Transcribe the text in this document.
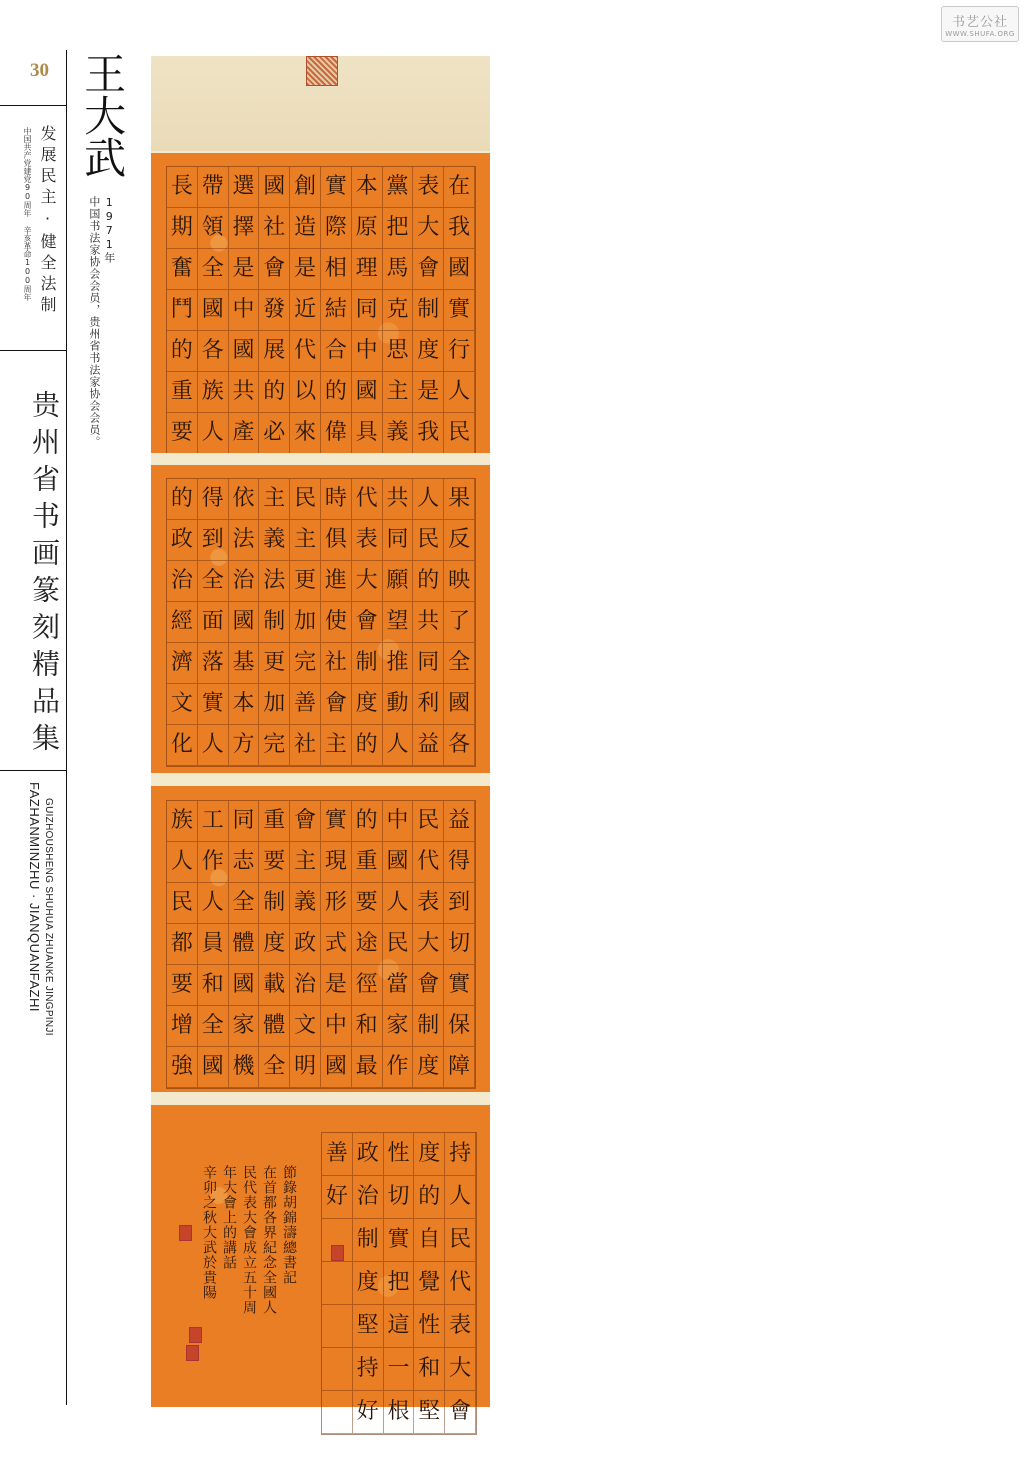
书艺公社
WWW.SHUFA.ORG
30
发展民主·健全法制
中国共产党建党90周年 辛亥革命100周年
贵州省书画篆刻精品集
FAZHANMINZHU · JIANQUANFAZHI GUIZHOUSHENG SHUHUA ZHUANKE JINGPINJI
王大武
1971年
中国书法家协会会员，贵州省书法家协会会员。
在
我
國
實
行
人
民
表
大
會
制
度
是
我
黨
把
馬
克
思
主
義
本
原
理
同
中
國
具
實
際
相
結
合
的
偉
創
造
是
近
代
以
來
國
社
會
發
展
的
必
選
擇
是
中
國
共
產
帶
領
全
國
各
族
人
長
期
奮
鬥
的
重
要
果
反
映
了
全
國
各
人
民
的
共
同
利
益
共
同
願
望
推
動
人
代
表
大
會
制
度
的
時
俱
進
使
社
會
主
民
主
更
加
完
善
社
主
義
法
制
更
加
完
依
法
治
國
基
本
方
得
到
全
面
落
實
人
的
政
治
經
濟
文
化
益
得
到
切
實
保
障
民
代
表
大
會
制
度
中
國
人
民
當
家
作
的
重
要
途
徑
和
最
實
現
形
式
是
中
國
會
主
義
政
治
文
明
重
要
制
度
載
體
全
同
志
全
體
國
家
機
工
作
人
員
和
全
國
族
人
民
都
要
增
強
持
人
民
代
表
大
會
度
的
自
覺
性
和
堅
性
切
實
把
這
一
根
政
治
制
度
堅
持
好
善
好
節錄胡錦濤總書記
在首都各界紀念全國人
民代表大會成立五十周
年大會上的講話
辛卯之秋大武於貴陽
